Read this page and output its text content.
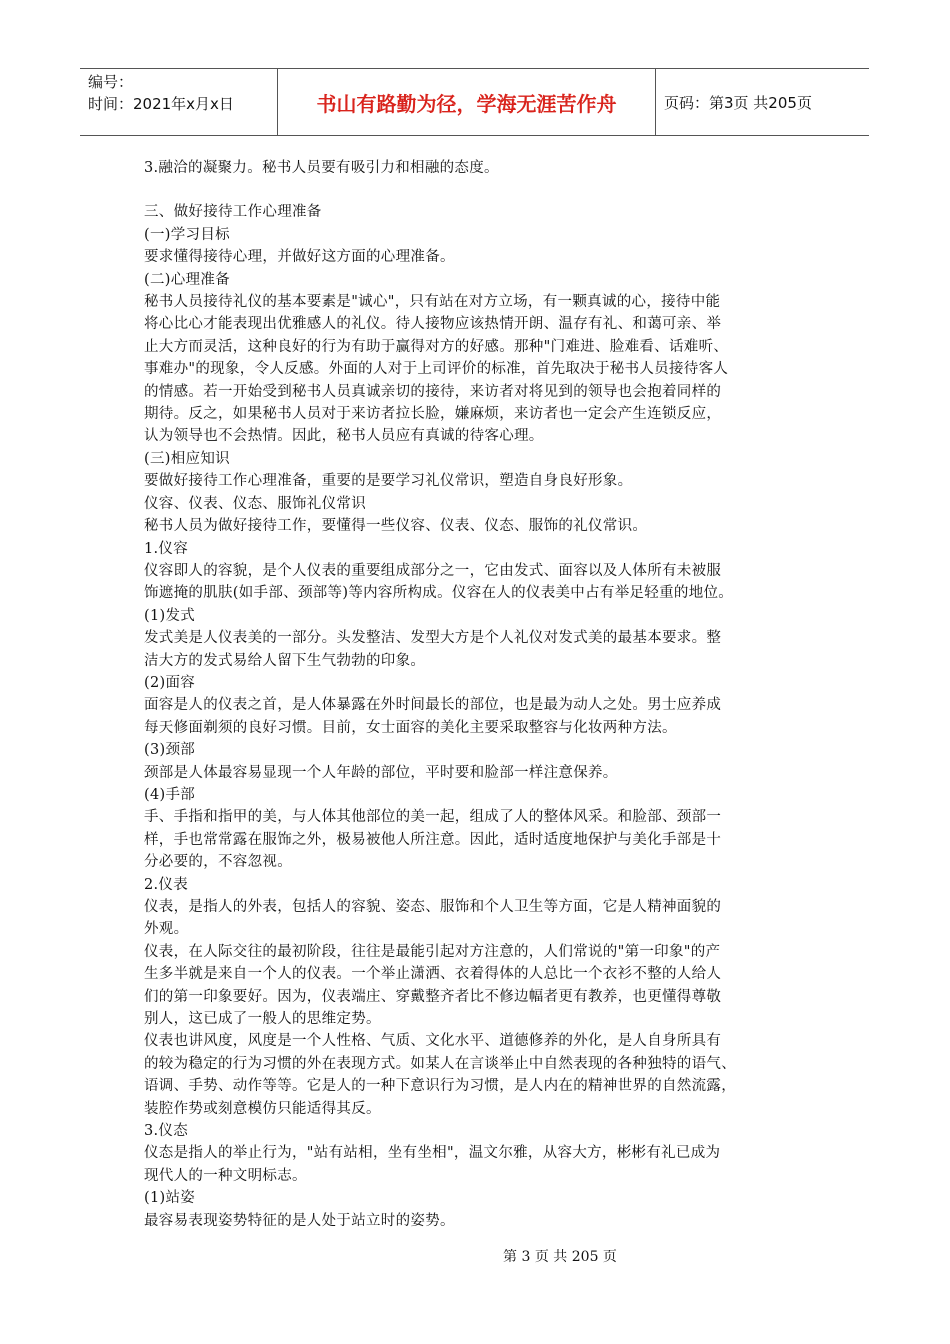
编号：
时间：2021年x月x日	书山有路勤为径，学海无涯苦作舟	页码：第3页 共205页
3.融洽的凝聚力。秘书人员要有吸引力和相融的态度。
三、做好接待工作心理准备
(一)学习目标
要求懂得接待心理，并做好这方面的心理准备。
(二)心理准备
秘书人员接待礼仪的基本要素是"诚心"，只有站在对方立场，有一颗真诚的心，接待中能
将心比心才能表现出优雅感人的礼仪。待人接物应该热情开朗、温存有礼、和蔼可亲、举
止大方而灵活，这种良好的行为有助于赢得对方的好感。那种"门难进、脸难看、话难听、
事难办"的现象，令人反感。外面的人对于上司评价的标准，首先取决于秘书人员接待客人
的情感。若一开始受到秘书人员真诚亲切的接待，来访者对将见到的领导也会抱着同样的
期待。反之，如果秘书人员对于来访者拉长脸，嫌麻烦，来访者也一定会产生连锁反应，
认为领导也不会热情。因此，秘书人员应有真诚的待客心理。
(三)相应知识
要做好接待工作心理准备，重要的是要学习礼仪常识，塑造自身良好形象。
仪容、仪表、仪态、服饰礼仪常识
秘书人员为做好接待工作，要懂得一些仪容、仪表、仪态、服饰的礼仪常识。
1.仪容
仪容即人的容貌，是个人仪表的重要组成部分之一，它由发式、面容以及人体所有未被服
饰遮掩的肌肤(如手部、颈部等)等内容所构成。仪容在人的仪表美中占有举足轻重的地位。
(1)发式
发式美是人仪表美的一部分。头发整洁、发型大方是个人礼仪对发式美的最基本要求。整
洁大方的发式易给人留下生气勃勃的印象。
(2)面容
面容是人的仪表之首，是人体暴露在外时间最长的部位，也是最为动人之处。男士应养成
每天修面剃须的良好习惯。目前，女士面容的美化主要采取整容与化妆两种方法。
(3)颈部
颈部是人体最容易显现一个人年龄的部位，平时要和脸部一样注意保养。
(4)手部
手、手指和指甲的美，与人体其他部位的美一起，组成了人的整体风采。和脸部、颈部一
样，手也常常露在服饰之外，极易被他人所注意。因此，适时适度地保护与美化手部是十
分必要的，不容忽视。
2.仪表
仪表，是指人的外表，包括人的容貌、姿态、服饰和个人卫生等方面，它是人精神面貌的
外观。
仪表，在人际交往的最初阶段，往往是最能引起对方注意的，人们常说的"第一印象"的产
生多半就是来自一个人的仪表。一个举止潇洒、衣着得体的人总比一个衣衫不整的人给人
们的第一印象要好。因为，仪表端庄、穿戴整齐者比不修边幅者更有教养，也更懂得尊敬
别人，这已成了一般人的思维定势。
仪表也讲风度，风度是一个人性格、气质、文化水平、道德修养的外化，是人自身所具有
的较为稳定的行为习惯的外在表现方式。如某人在言谈举止中自然表现的各种独特的语气、
语调、手势、动作等等。它是人的一种下意识行为习惯，是人内在的精神世界的自然流露，
装腔作势或刻意模仿只能适得其反。
3.仪态
仪态是指人的举止行为，"站有站相，坐有坐相"，温文尔雅，从容大方，彬彬有礼已成为
现代人的一种文明标志。
(1)站姿
最容易表现姿势特征的是人处于站立时的姿势。
第 3 页 共 205 页
